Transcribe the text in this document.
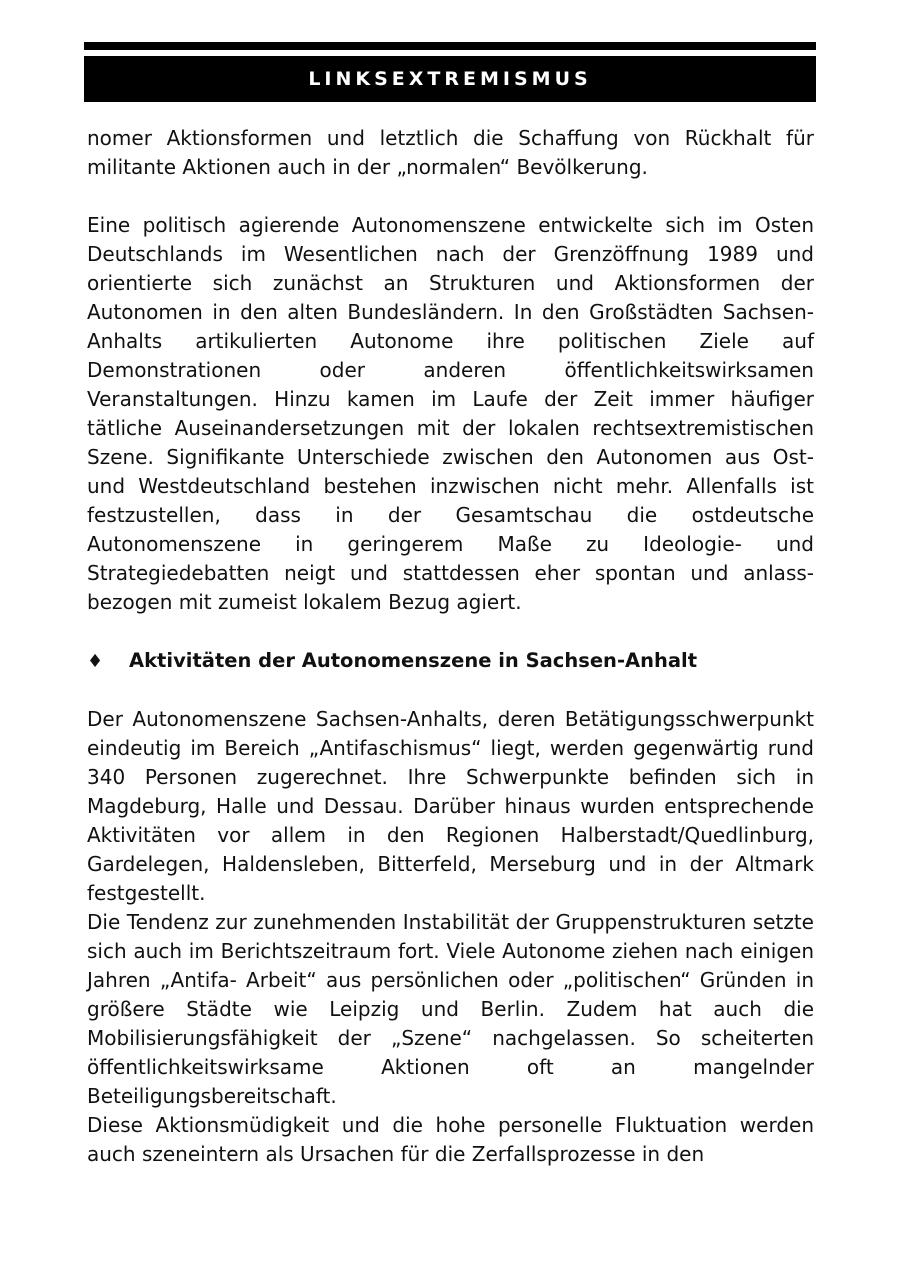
LINKSEXTREMISMUS

nomer Aktionsformen und letztlich die Schaffung von Rückhalt für militante Aktionen auch in der „normalen“ Bevölkerung.

Eine politisch agierende Autonomenszene entwickelte sich im Osten Deutschlands im Wesentlichen nach der Grenzöffnung 1989 und orientierte sich zunächst an Strukturen und Aktionsformen der Autonomen in den alten Bundesländern. In den Großstädten Sachsen-Anhalts artikulierten Autonome ihre politischen Ziele auf Demonstrationen oder anderen öffentlichkeitswirksamen Veranstaltungen. Hinzu kamen im Laufe der Zeit immer häufiger tätliche Auseinandersetzungen mit der lokalen rechtsextremistischen Szene. Signifikante Unterschiede zwischen den Autonomen aus Ost- und Westdeutschland bestehen inzwischen nicht mehr. Allenfalls ist festzustellen, dass in der Gesamtschau die ostdeutsche Autonomenszene in geringerem Maße zu Ideologie- und Strategiedebatten neigt und stattdessen eher spontan und anlassbezogen mit zumeist lokalem Bezug agiert.

♦	Aktivitäten der Autonomenszene in Sachsen-Anhalt

Der Autonomenszene Sachsen-Anhalts, deren Betätigungsschwerpunkt eindeutig im Bereich „Antifaschismus“ liegt, werden gegenwärtig rund 340 Personen zugerechnet. Ihre Schwerpunkte befinden sich in Magdeburg, Halle und Dessau. Darüber hinaus wurden entsprechende Aktivitäten vor allem in den Regionen Halberstadt/Quedlinburg, Gardelegen, Haldensleben, Bitterfeld, Merseburg und in der Altmark festgestellt.

Die Tendenz zur zunehmenden Instabilität der Gruppenstrukturen setzte sich auch im Berichtszeitraum fort. Viele Autonome ziehen nach einigen Jahren „Antifa- Arbeit“ aus persönlichen oder „politischen“ Gründen in größere Städte wie Leipzig und Berlin. Zudem hat auch die Mobilisierungsfähigkeit der „Szene“ nachgelassen. So scheiterten öffentlichkeitswirksame Aktionen oft an mangelnder Beteiligungsbereitschaft.

Diese Aktionsmüdigkeit und die hohe personelle Fluktuation werden auch szeneintern als Ursachen für die Zerfallsprozesse in den
